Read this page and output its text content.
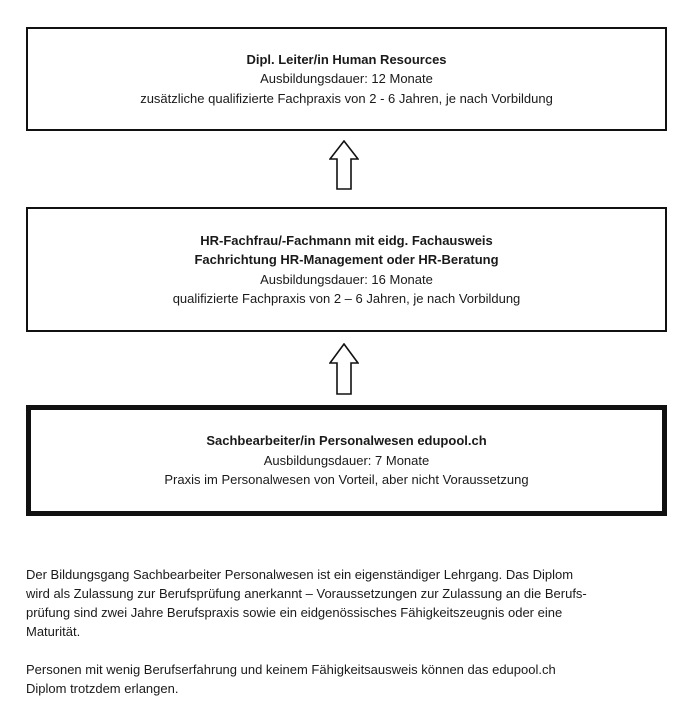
Dipl. Leiter/in Human Resources
Ausbildungsdauer: 12 Monate
zusätzliche qualifizierte Fachpraxis von 2 - 6 Jahren, je nach Vorbildung
HR-Fachfrau/-Fachmann mit eidg. Fachausweis
Fachrichtung HR-Management oder HR-Beratung
Ausbildungsdauer: 16 Monate
qualifizierte Fachpraxis von 2 – 6 Jahren, je nach Vorbildung
Sachbearbeiter/in Personalwesen edupool.ch
Ausbildungsdauer: 7 Monate
Praxis im Personalwesen von Vorteil, aber nicht Voraussetzung

Der Bildungsgang Sachbearbeiter Personalwesen ist ein eigenständiger Lehrgang. Das Diplom
wird als Zulassung zur Berufsprüfung anerkannt – Voraussetzungen zur Zulassung an die Berufs-
prüfung sind zwei Jahre Berufspraxis sowie ein eidgenössisches Fähigkeitszeugnis oder eine
Maturität.

Personen mit wenig Berufserfahrung und keinem Fähigkeitsausweis können das edupool.ch
Diplom trotzdem erlangen.
